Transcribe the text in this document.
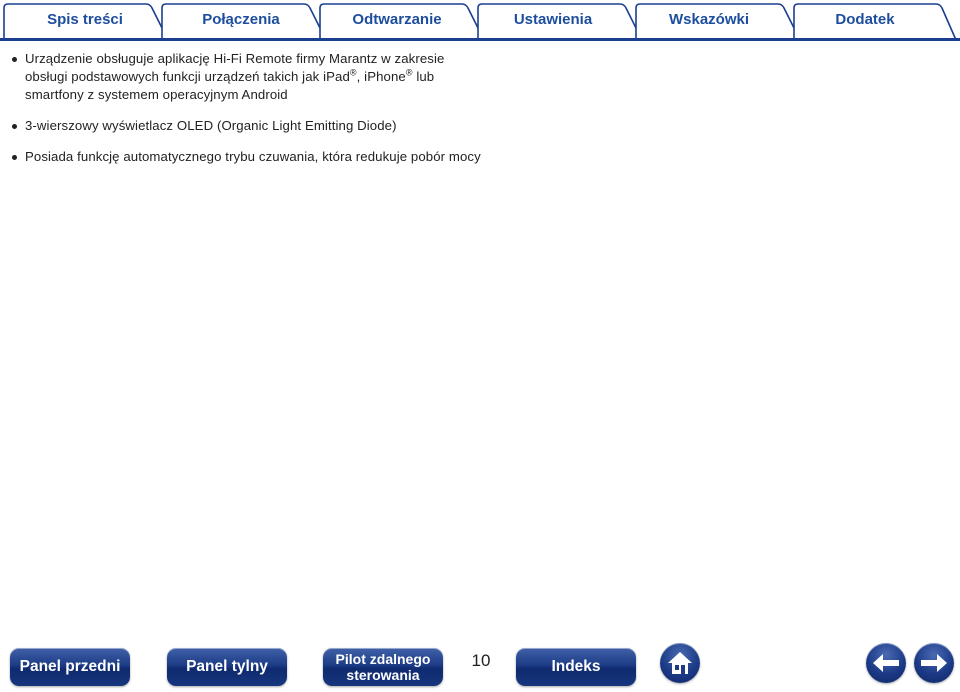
Spis treści	Połączenia	Odtwarzanie	Ustawienia	Wskazówki	Dodatek
Urządzenie obsługuje aplikację Hi-Fi Remote firmy Marantz w zakresie obsługi podstawowych funkcji urządzeń takich jak iPad®, iPhone® lub smartfony z systemem operacyjnym Android
3-wierszowy wyświetlacz OLED (Organic Light Emitting Diode)
Posiada funkcję automatycznego trybu czuwania, która redukuje pobór mocy
Panel przedni	Panel tylny	Pilot zdalnego
sterowania
10	Indeks
